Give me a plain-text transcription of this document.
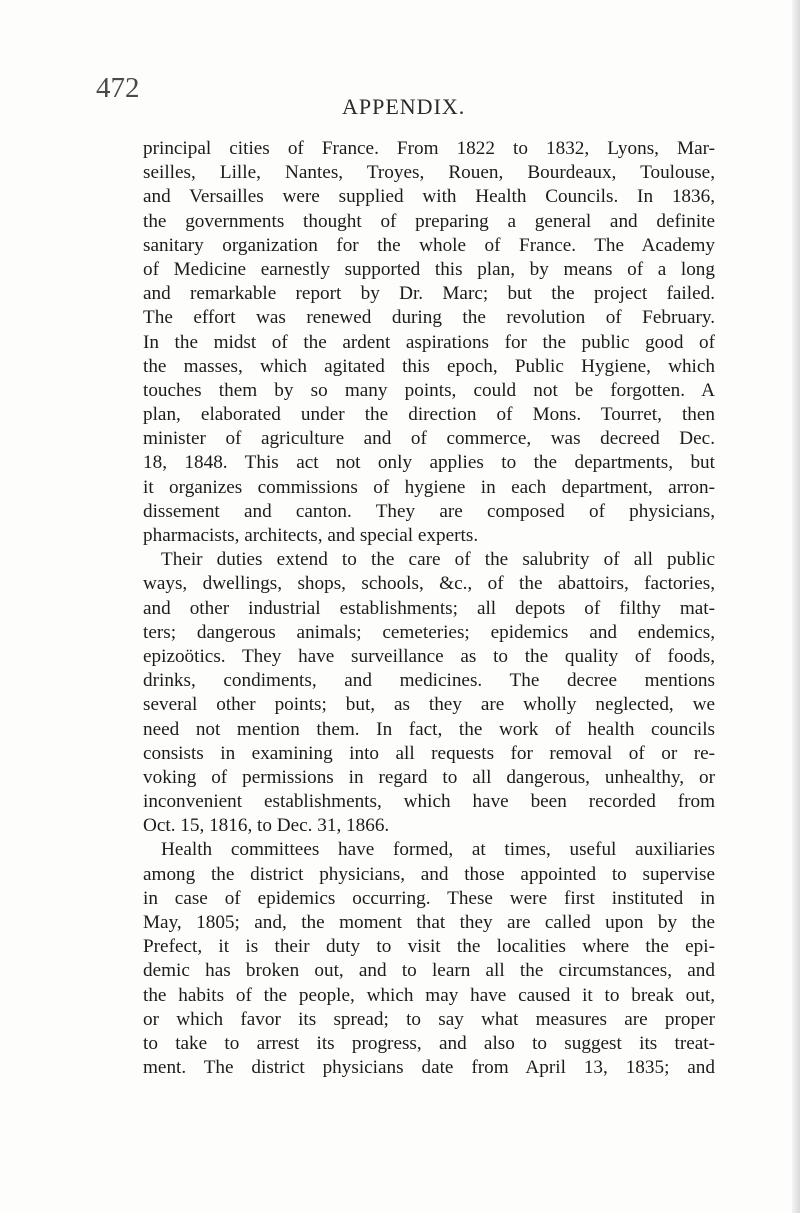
472
APPENDIX.
principal cities of France. From 1822 to 1832, Lyons, Mar-
seilles, Lille, Nantes, Troyes, Rouen, Bourdeaux, Toulouse,
and Versailles were supplied with Health Councils. In 1836,
the governments thought of preparing a general and definite
sanitary organization for the whole of France. The Academy
of Medicine earnestly supported this plan, by means of a long
and remarkable report by Dr. Marc; but the project failed.
The effort was renewed during the revolution of February.
In the midst of the ardent aspirations for the public good of
the masses, which agitated this epoch, Public Hygiene, which
touches them by so many points, could not be forgotten. A
plan, elaborated under the direction of Mons. Tourret, then
minister of agriculture and of commerce, was decreed Dec.
18, 1848. This act not only applies to the departments, but
it organizes commissions of hygiene in each department, arron-
dissement and canton. They are composed of physicians,
pharmacists, architects, and special experts.
Their duties extend to the care of the salubrity of all public
ways, dwellings, shops, schools, &c., of the abattoirs, factories,
and other industrial establishments; all depots of filthy mat-
ters; dangerous animals; cemeteries; epidemics and endemics,
epizoötics. They have surveillance as to the quality of foods,
drinks, condiments, and medicines. The decree mentions
several other points; but, as they are wholly neglected, we
need not mention them. In fact, the work of health councils
consists in examining into all requests for removal of or re-
voking of permissions in regard to all dangerous, unhealthy, or
inconvenient establishments, which have been recorded from
Oct. 15, 1816, to Dec. 31, 1866.
Health committees have formed, at times, useful auxiliaries
among the district physicians, and those appointed to supervise
in case of epidemics occurring. These were first instituted in
May, 1805; and, the moment that they are called upon by the
Prefect, it is their duty to visit the localities where the epi-
demic has broken out, and to learn all the circumstances, and
the habits of the people, which may have caused it to break out,
or which favor its spread; to say what measures are proper
to take to arrest its progress, and also to suggest its treat-
ment. The district physicians date from April 13, 1835; and
